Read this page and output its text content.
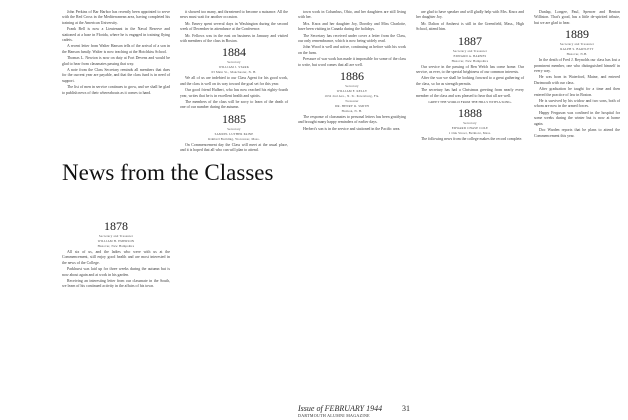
John Perkins of Bar Harbor has recently been appointed to serve with the Red Cross in the Mediterranean area, having completed his training at the American University.

Frank Bell is now a Lieutenant in the Naval Reserve and stationed at a base in Florida, where he is engaged in training flying cadets.

A recent letter from Walter Hanson tells of the arrival of a son in the Hanson family. Walter is now teaching at the Hotchkiss School.

Thomas L. Newton is now on duty at Fort Devens and would be glad to hear from classmates passing that way.

A note from the Class Secretary reminds all members that dues for the current year are payable, and that the class fund is in need of support.

The list of men in service continues to grow, and we shall be glad to publish news of their whereabouts as it comes to hand.

News from the Classes
1878

Secretary and Treasurer

WILLIAM H. EMERSON

Hanover, New Hampshire

All six of us, and the ladies who were with us at the Commencement, still enjoy good health and are most interested in the news of the College.

Parkhurst was laid up for three weeks during the autumn but is now about again and at work in his garden.

Receiving an interesting letter from our classmate in the South, we learn of his continued activity in the affairs of his town.

it showed too many, and threatened to become a nuisance. All the news must wait for another occasion.

Mr. Emery spent several days in Washington during the second week of December in attendance at the Conference.

Mr. Fellows was in the east on business in January and visited with members of the class in Boston.

1884

Secretary

WILLIAM J. STARK

63 Main St., Manchester, N. H.

We all of us are indebted to our Class Agent for his good work, and the class is well on its way toward the goal set for this year.

Our good friend Hulbert, who has now reached his eighty-fourth year, writes that he is in excellent health and spirits.

The members of the class will be sorry to learn of the death of one of our number during the autumn.

1885

Secretary

SAMUEL LUTHER PAINE

Kimball Building, Worcester, Mass.

On Commencement day the Class will meet at the usual place, and it is hoped that all who can will plan to attend.

town work in Columbus, Ohio, and her daughters are still living with her.

Mrs. Knox and her daughter Joy, Dorothy and Miss Charlotte, have been visiting in Canada during the holidays.

The Secretary has received under cover a letter from the Class, our only remembrance, which is now being widely read.

John Wood is well and active, continuing as before with his work on the farm.

Pressure of war work has made it impossible for some of the class to write, but word comes that all are well.

1886

Secretary

WILLIAM F. KELLY

1632 2nd Ave., N. St. Petersburg, Fla.

Treasurer

DR. HENRY R. SMITH

Hudson, N. H.

The response of classmates to personal letters has been gratifying and brought many happy reminders of earlier days.

Herbert's son is in the service and stationed in the Pacific area.

are glad to have speaker and will gladly help with Mrs. Knox and her daughter Joy.

Mr. Dalton of Amherst is still in the Greenfield, Mass., High School, attend him.

1887

Secretary and Treasurer

EDWARD A. BARNES

Hanover, New Hampshire

Our service in the passing of Ben Welch has come home. Our service, as ever, to the special brightness of our common interests.

After the war we shall be looking forward to a great gathering of the class, so far as strength permits.

The secretary has had a Christmas greeting from nearly every member of the class and was pleased to hear that all are well.

GREET THE WORLD FROM THE HILLS WITH A SONG.

1888

Secretary

EDWARD CHASE COLE

1 Oak Street, Belmont, Mass.

The following news from the college makes the record complete.

Dunlap, Longee, Paul, Spencer and Benton Williston. That's good, has a little de-spirited tribute, but we are glad to hear.

1889

Secretary and Treasurer

RALPH S. BARTLETT

Hanover, N.H.

In the death of Fred J. Reynolds our class has lost a prominent member, one who distinguished himself in every way.

He was born in Waterford, Maine, and entered Dartmouth with our class.

After graduation he taught for a time and then entered the practice of law in Boston.

He is survived by his widow and two sons, both of whom are now in the armed forces.

Happy Ferguson was confined in the hospital for some weeks during the winter but is now at home again.

Doc Warden reports that he plans to attend the Commencement this year.

Issue of FEBRUARY 1944 31
DARTMOUTH ALUMNI MAGAZINE
